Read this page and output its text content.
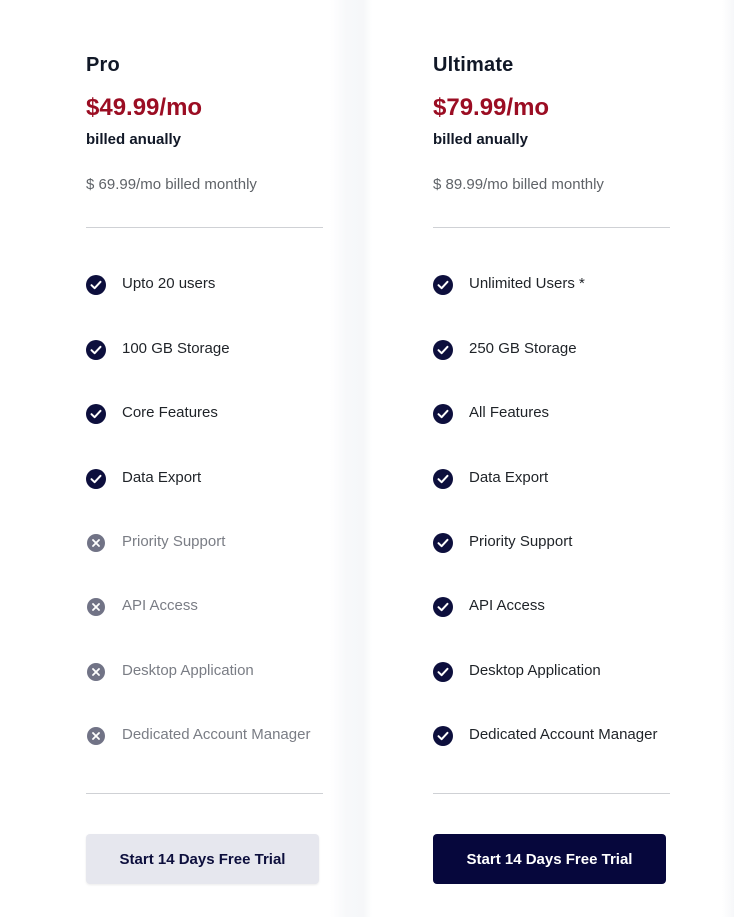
Pro
$49.99/mo
billed anually
$ 69.99/mo billed monthly
Upto 20 users
100 GB Storage
Core Features
Data Export
Priority Support
API Access
Desktop Application
Dedicated Account Manager
Start 14 Days Free Trial
Ultimate
$79.99/mo
billed anually
$ 89.99/mo billed monthly
Unlimited Users *
250 GB Storage
All Features
Data Export
Priority Support
API Access
Desktop Application
Dedicated Account Manager
Start 14 Days Free Trial
